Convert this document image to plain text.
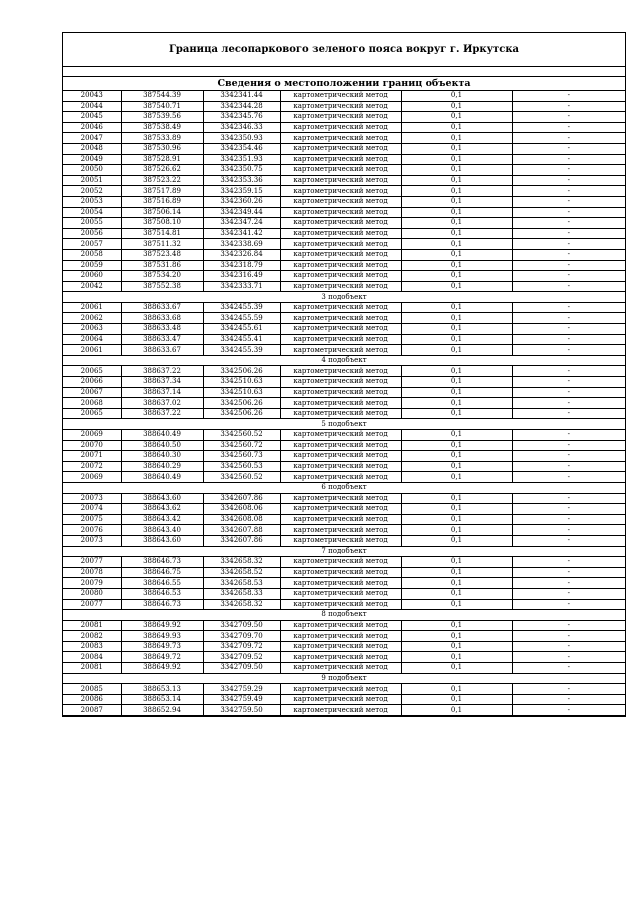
Граница лесопаркового зеленого пояса вокруг г. Иркутска
Сведения о местоположении границ объекта
20043	387544.39	3342341.44	картометрический метод	0,1	-
20044	387540.71	3342344.28	картометрический метод	0,1	-
20045	387539.56	3342345.76	картометрический метод	0,1	-
20046	387538.49	3342346.33	картометрический метод	0,1	-
20047	387533.89	3342350.93	картометрический метод	0,1	-
20048	387530.96	3342354.46	картометрический метод	0,1	-
20049	387528.91	3342351.93	картометрический метод	0,1	-
20050	387526.62	3342350.75	картометрический метод	0,1	-
20051	387523.22	3342353.36	картометрический метод	0,1	-
20052	387517.89	3342359.15	картометрический метод	0,1	-
20053	387516.89	3342360.26	картометрический метод	0,1	-
20054	387506.14	3342349.44	картометрический метод	0,1	-
20055	387508.10	3342347.24	картометрический метод	0,1	-
20056	387514.81	3342341.42	картометрический метод	0,1	-
20057	387511.32	3342338.69	картометрический метод	0,1	-
20058	387523.48	3342326.84	картометрический метод	0,1	-
20059	387531.86	3342318.79	картометрический метод	0,1	-
20060	387534.20	3342316.49	картометрический метод	0,1	-
20042	387552.38	3342333.71	картометрический метод	0,1	-
3 подобъект					
20061	388633.67	3342455.39	картометрический метод	0,1	-
20062	388633.68	3342455.59	картометрический метод	0,1	-
20063	388633.48	3342455.61	картометрический метод	0,1	-
20064	388633.47	3342455.41	картометрический метод	0,1	-
20061	388633.67	3342455.39	картометрический метод	0,1	-
4 подобъект					
20065	388637.22	3342506.26	картометрический метод	0,1	-
20066	388637.34	3342510.63	картометрический метод	0,1	-
20067	388637.14	3342510.63	картометрический метод	0,1	-
20068	388637.02	3342506.26	картометрический метод	0,1	-
20065	388637.22	3342506.26	картометрический метод	0,1	-
5 подобъект					
20069	388640.49	3342560.52	картометрический метод	0,1	-
20070	388640.50	3342560.72	картометрический метод	0,1	-
20071	388640.30	3342560.73	картометрический метод	0,1	-
20072	388640.29	3342560.53	картометрический метод	0,1	-
20069	388640.49	3342560.52	картометрический метод	0,1	-
6 подобъект					
20073	388643.60	3342607.86	картометрический метод	0,1	-
20074	388643.62	3342608.06	картометрический метод	0,1	-
20075	388643.42	3342608.08	картометрический метод	0,1	-
20076	388643.40	3342607.88	картометрический метод	0,1	-
20073	388643.60	3342607.86	картометрический метод	0,1	-
7 подобъект					
20077	388646.73	3342658.32	картометрический метод	0,1	-
20078	388646.75	3342658.52	картометрический метод	0,1	-
20079	388646.55	3342658.53	картометрический метод	0,1	-
20080	388646.53	3342658.33	картометрический метод	0,1	-
20077	388646.73	3342658.32	картометрический метод	0,1	-
8 подобъект					
20081	388649.92	3342709.50	картометрический метод	0,1	-
20082	388649.93	3342709.70	картометрический метод	0,1	-
20083	388649.73	3342709.72	картометрический метод	0,1	-
20084	388649.72	3342709.52	картометрический метод	0,1	-
20081	388649.92	3342709.50	картометрический метод	0,1	-
9 подобъект					
20085	388653.13	3342759.29	картометрический метод	0,1	-
20086	388653.14	3342759.49	картометрический метод	0,1	-
20087	388652.94	3342759.50	картометрический метод	0,1	-
